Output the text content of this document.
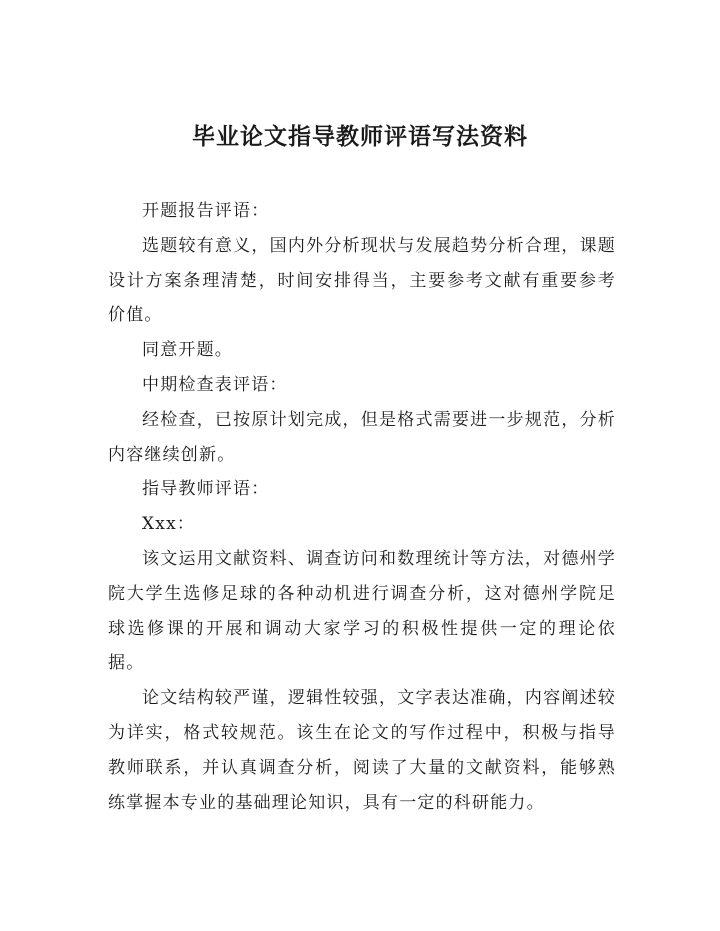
毕业论文指导教师评语写法资料

开题报告评语：

选题较有意义，国内外分析现状与发展趋势分析合理，课题设计方案条理清楚，时间安排得当，主要参考文献有重要参考价值。

同意开题。

中期检查表评语：

经检查，已按原计划完成，但是格式需要进一步规范，分析内容继续创新。

指导教师评语：

Xxx：

该文运用文献资料、调查访问和数理统计等方法，对德州学院大学生选修足球的各种动机进行调查分析，这对德州学院足球选修课的开展和调动大家学习的积极性提供一定的理论依据。

论文结构较严谨，逻辑性较强，文字表达准确，内容阐述较为详实，格式较规范。该生在论文的写作过程中，积极与指导教师联系，并认真调查分析，阅读了大量的文献资料，能够熟练掌握本专业的基础理论知识，具有一定的科研能力。
